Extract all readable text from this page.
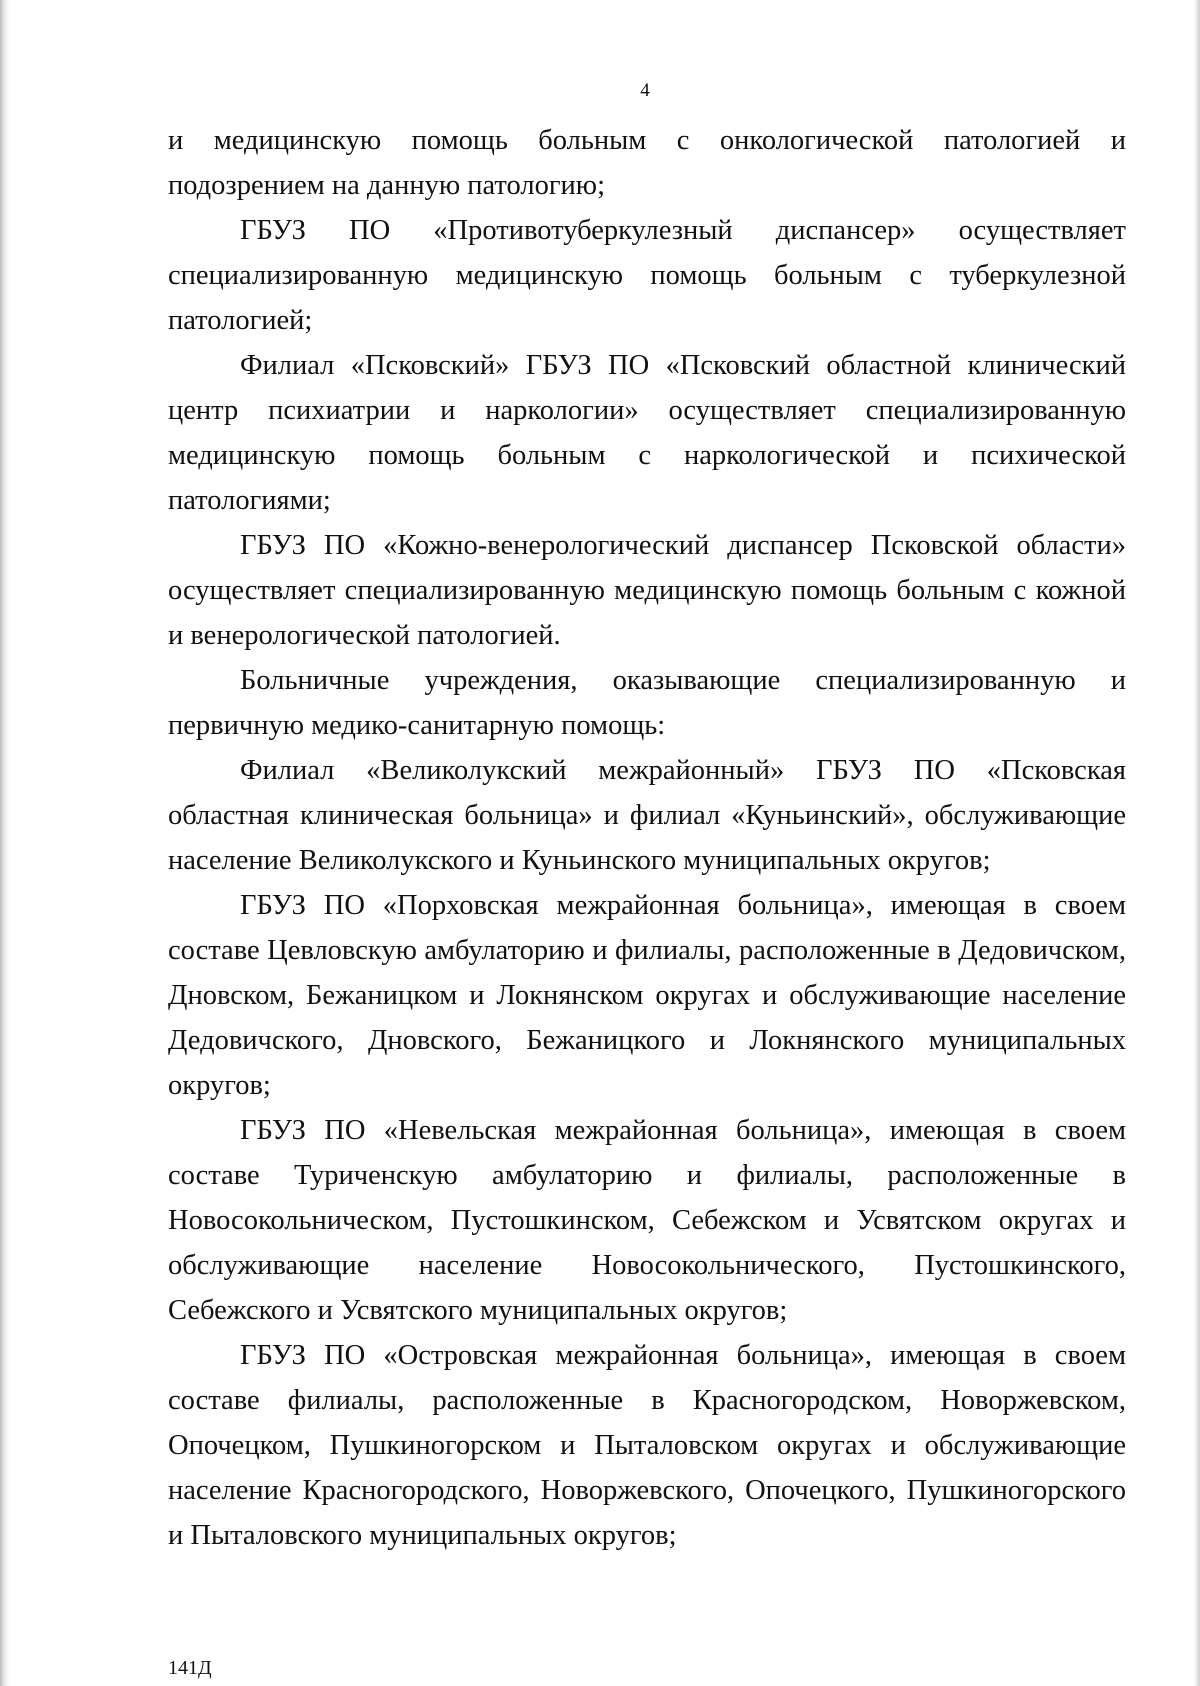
4

и медицинскую помощь больным с онкологической патологией и подозрением на данную патологию;

ГБУЗ ПО «Противотуберкулезный диспансер» осуществляет специализированную медицинскую помощь больным с туберкулезной патологией;

Филиал «Псковский» ГБУЗ ПО «Псковский областной клинический центр психиатрии и наркологии» осуществляет специализированную медицинскую помощь больным с наркологической и психической патологиями;

ГБУЗ ПО «Кожно-венерологический диспансер Псковской области» осуществляет специализированную медицинскую помощь больным с кожной и венерологической патологией.

Больничные учреждения, оказывающие специализированную и первичную медико-санитарную помощь:

Филиал «Великолукский межрайонный» ГБУЗ ПО «Псковская областная клиническая больница» и филиал «Куньинский», обслуживающие население Великолукского и Куньинского муниципальных округов;

ГБУЗ ПО «Порховская межрайонная больница», имеющая в своем составе Цевловскую амбулаторию и филиалы, расположенные в Дедовичском, Дновском, Бежаницком и Локнянском округах и обслуживающие население Дедовичского, Дновского, Бежаницкого и Локнянского муниципальных округов;

ГБУЗ ПО «Невельская межрайонная больница», имеющая в своем составе Туриченскую амбулаторию и филиалы, расположенные в Новосокольническом, Пустошкинском, Себежском и Усвятском округах и обслуживающие население Новосокольнического, Пустошкинского, Себежского и Усвятского муниципальных округов;

ГБУЗ ПО «Островская межрайонная больница», имеющая в своем составе филиалы, расположенные в Красногородском, Новоржевском, Опочецком, Пушкиногорском и Пыталовском округах и обслуживающие население Красногородского, Новоржевского, Опочецкого, Пушкиногорского и Пыталовского муниципальных округов;

141Д
